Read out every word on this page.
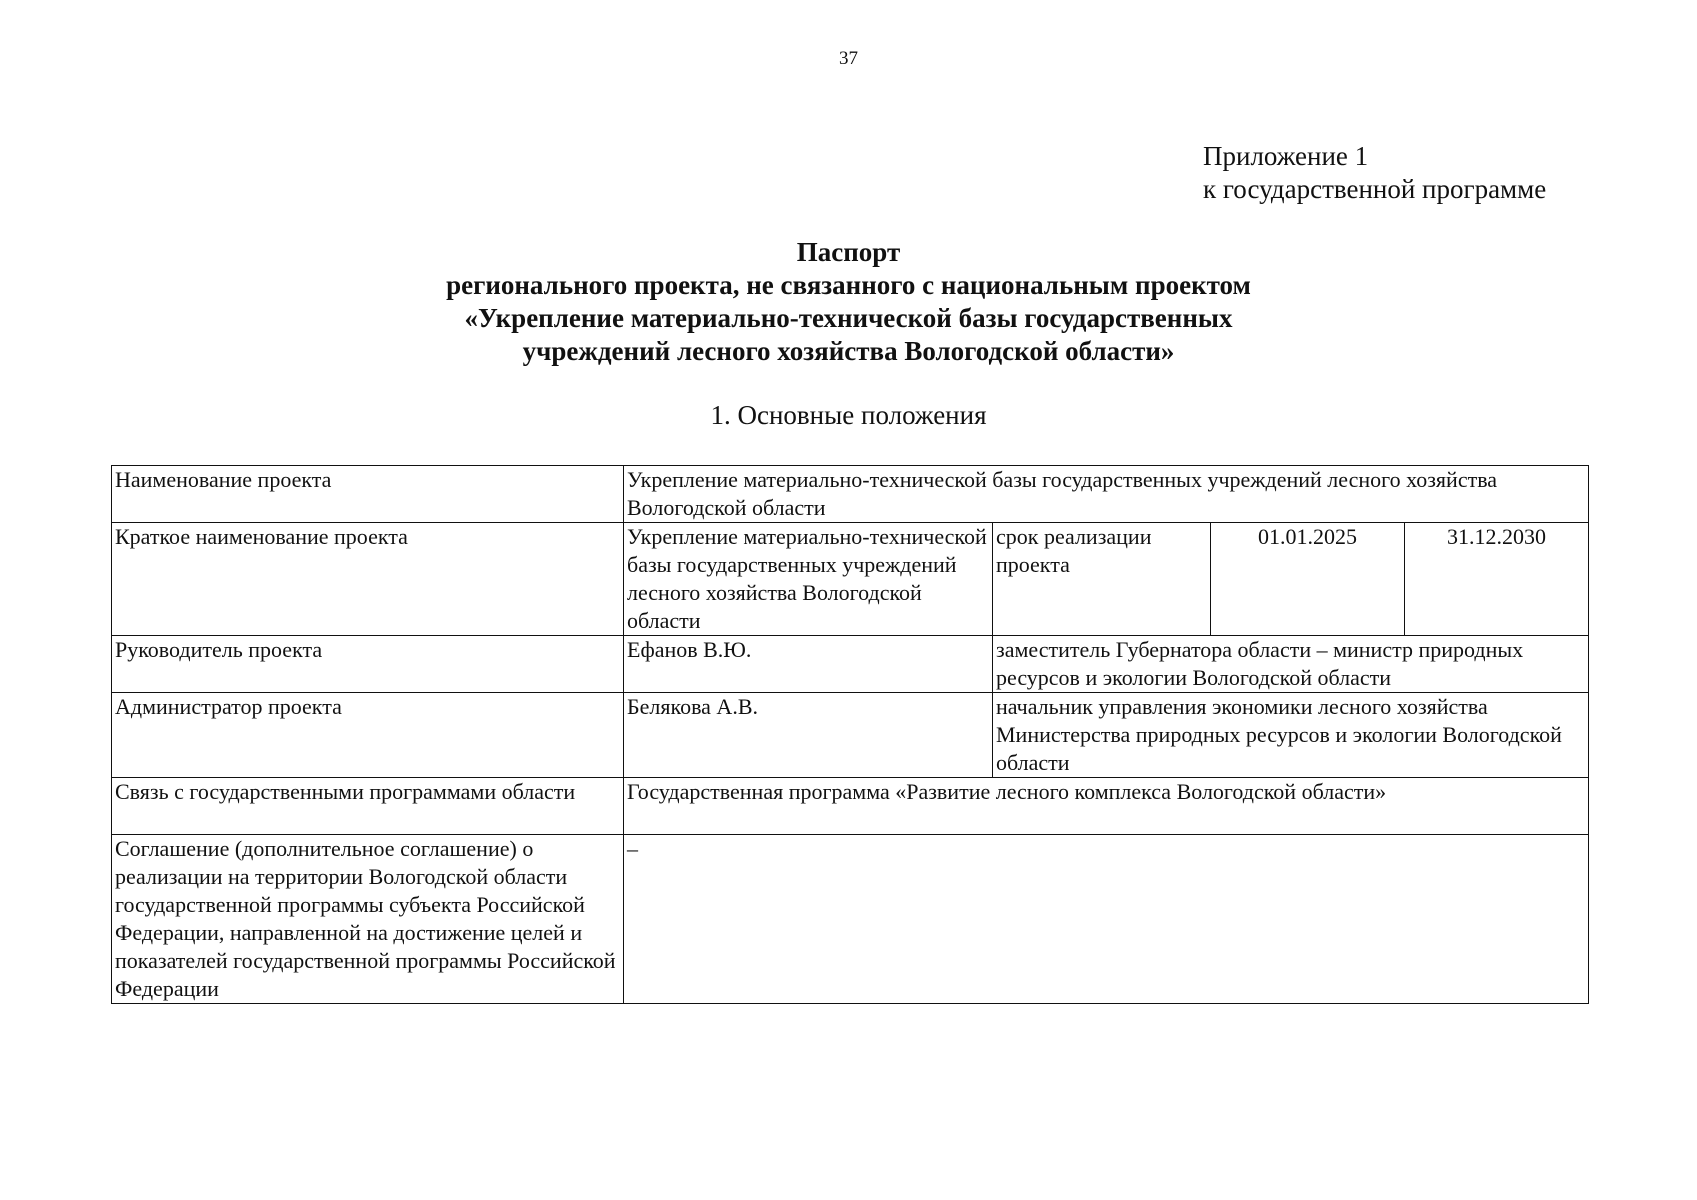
37
Приложение 1
к государственной программе
Паспорт
регионального проекта, не связанного с национальным проектом
«Укрепление материально-технической базы государственных
учреждений лесного хозяйства Вологодской области»
1. Основные положения
Наименование проекта	Укрепление материально-технической базы государственных учреждений лесного хозяйства Вологодской области			
Краткое наименование проекта	Укрепление материально-технической базы государственных учреждений лесного хозяйства Вологодской области	срок реализации проекта	01.01.2025	31.12.2030
Руководитель проекта	Ефанов В.Ю.	заместитель Губернатора области – министр природных ресурсов и экологии Вологодской области		
Администратор проекта	Белякова А.В.	начальник управления экономики лесного хозяйства Министерства природных ресурсов и экологии Вологодской области		
Связь с государственными программами области	Государственная программа «Развитие лесного комплекса Вологодской области»			
Соглашение (дополнительное соглашение) о реализации на территории Вологодской области государственной программы субъекта Российской Федерации, направленной на достижение целей и показателей государственной программы Российской Федерации	–			
